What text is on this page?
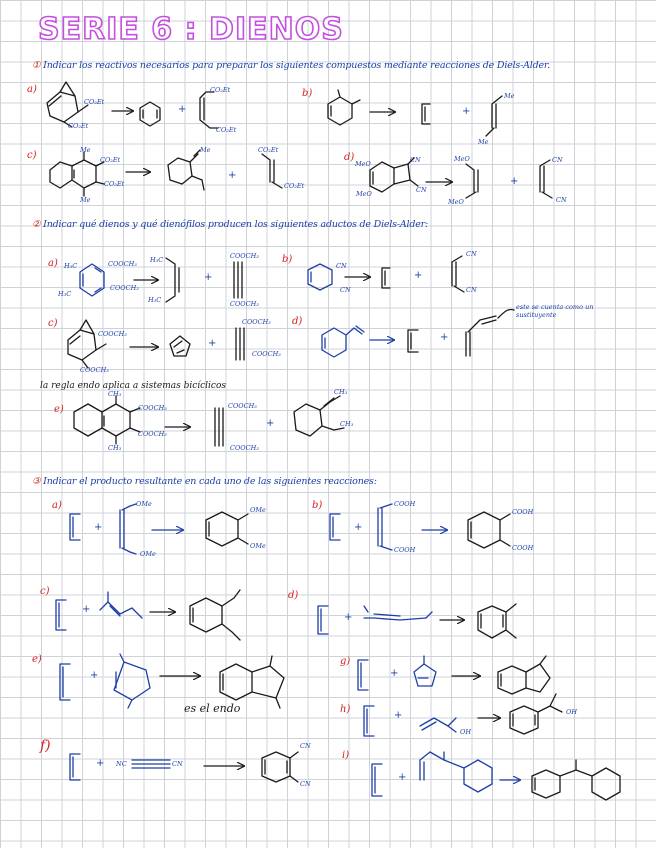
SERIE 6 : DIENOS
① Indicar los reactivos necesarios para preparar los siguientes compuestos mediante reacciones de Diels-Alder.
② Indicar qué dienos y qué dienófilos producen los siguientes aductos de Diels-Alder:
la regla endo aplica a sistemas bicíclicos
③ Indicar el producto resultante en cada uno de las siguientes reacciones:
a)
+
CO₂Et
CO₂Et
CO₂Et
CO₂Et
b)
+
Me
Me
c)	Me
CO₂Et
CO₂Et
Me
Me
+
CO₂Et
CO₂Et
d)
MeO
MeO
CN
CN
MeO
MeO
+
CN
CN
a) H₃C
H₃C
COOCH₃
COOCH₃
H₃C
H₃C
+
COOCH₃
COOCH₃
b)
CN
CN
+
CN
CN
c)
COOCH₃
COOCH₃
+
COOCH₃
COOCH₃
d)
+
este se cuenta como un sustituyente
e)
CH₃
COOCH₃
COOCH₃
CH₃
COOCH₃
COOCH₃
+
CH₃
CH₃
a)
+
OMe
OMe
OMe
OMe
b)
+
COOH
COOH
COOH
COOH
c)
+
d)
+
e)
+
es el endo
g)
+
h)
+
OH
OH
f)
+ NC	CN
CN
CN
i)
+
